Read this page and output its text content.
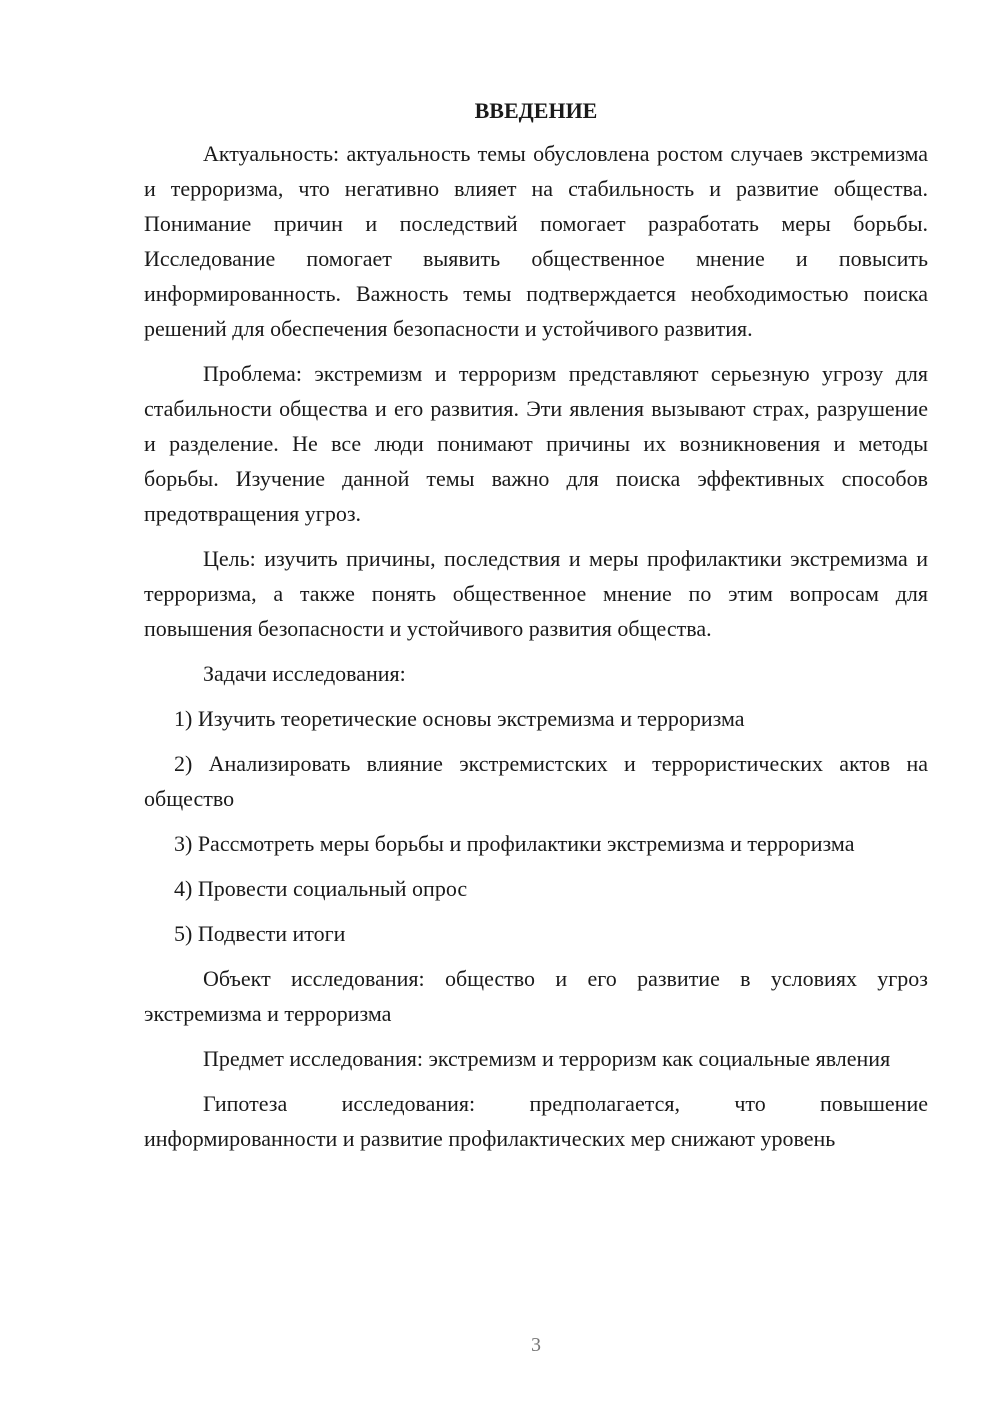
ВВЕДЕНИЕ

Актуальность: актуальность темы обусловлена ростом случаев экстремизма и терроризма, что негативно влияет на стабильность и развитие общества. Понимание причин и последствий помогает разработать меры борьбы. Исследование помогает выявить общественное мнение и повысить информированность. Важность темы подтверждается необходимостью поиска решений для обеспечения безопасности и устойчивого развития.

Проблема: экстремизм и терроризм представляют серьезную угрозу для стабильности общества и его развития. Эти явления вызывают страх, разрушение и разделение. Не все люди понимают причины их возникновения и методы борьбы. Изучение данной темы важно для поиска эффективных способов предотвращения угроз.

Цель: изучить причины, последствия и меры профилактики экстремизма и терроризма, а также понять общественное мнение по этим вопросам для повышения безопасности и устойчивого развития общества.

Задачи исследования:

1) Изучить теоретические основы экстремизма и терроризма

2) Анализировать влияние экстремистских и террористических актов на общество

3) Рассмотреть меры борьбы и профилактики экстремизма и терроризма

4) Провести социальный опрос

5) Подвести итоги

Объект исследования: общество и его развитие в условиях угроз экстремизма и терроризма

Предмет исследования: экстремизм и терроризм как социальные явления

Гипотеза исследования: предполагается, что повышение информированности и развитие профилактических мер снижают уровень

3
